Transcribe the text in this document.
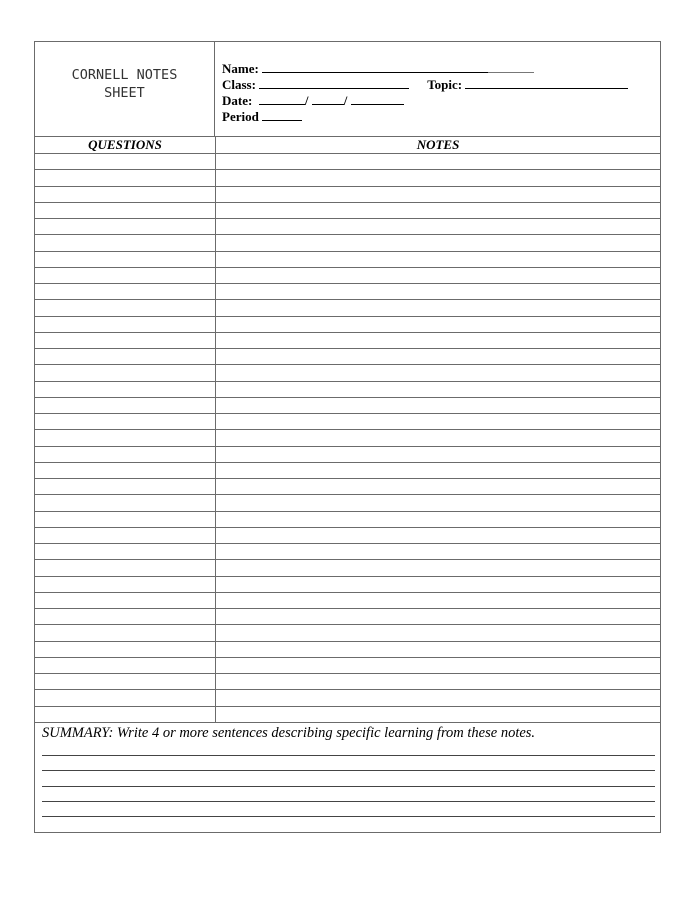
CORNELL NOTES
SHEET
Name:
Class:	Topic:
Date:	/	/
Period
QUESTIONS	NOTES
SUMMARY: Write 4 or more sentences describing specific learning from these notes.
